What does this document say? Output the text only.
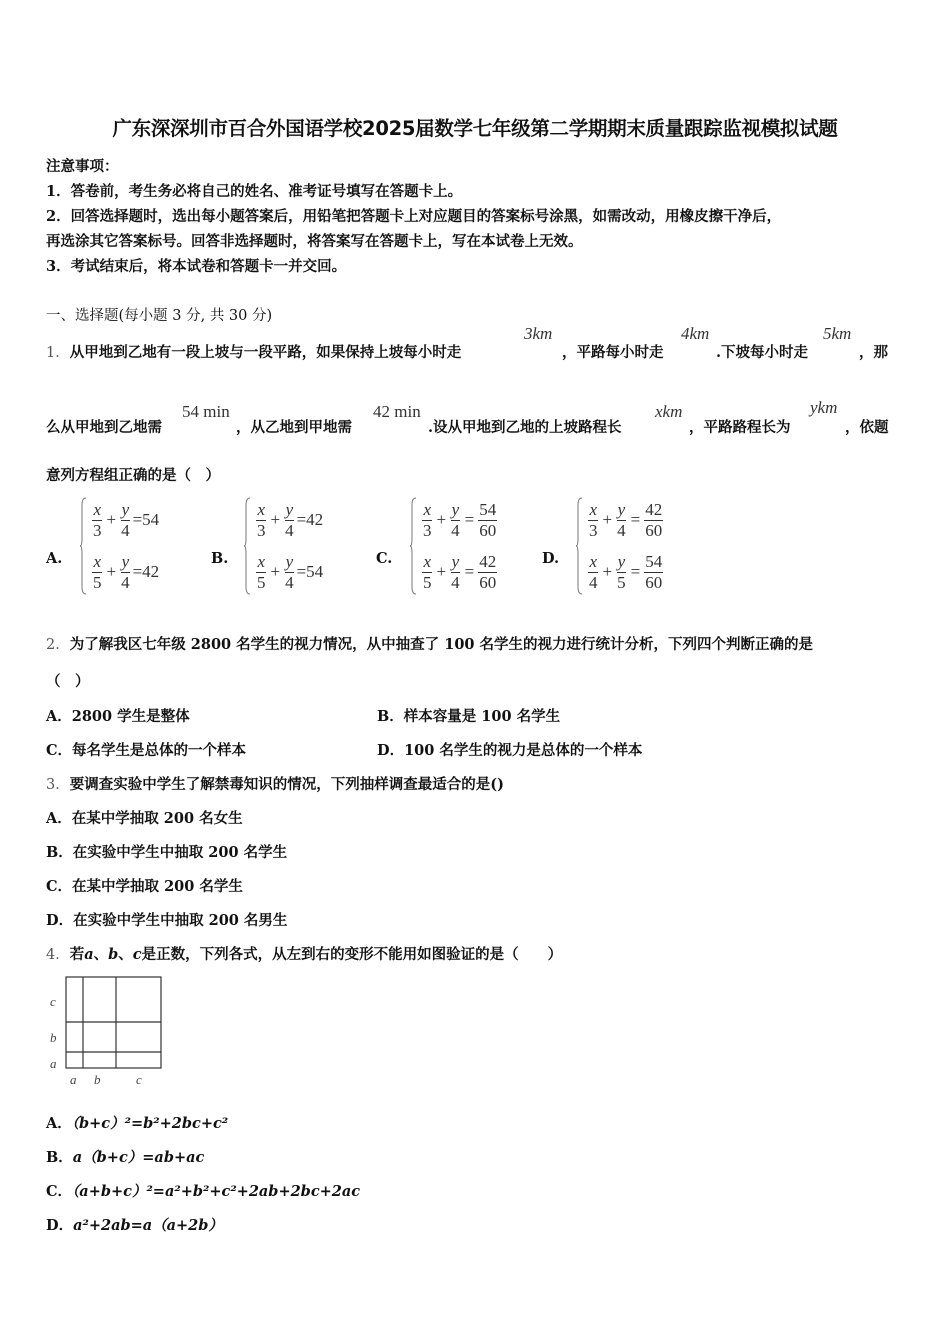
广东深深圳市百合外国语学校2025届数学七年级第二学期期末质量跟踪监视模拟试题
注意事项：
1．答卷前，考生务必将自己的姓名、准考证号填写在答题卡上。
2．回答选择题时，选出每小题答案后，用铅笔把答题卡上对应题目的答案标号涂黑，如需改动，用橡皮擦干净后，
再选涂其它答案标号。回答非选择题时，将答案写在答题卡上，写在本试卷上无效。
3．考试结束后，将本试卷和答题卡一并交回。
一、选择题(每小题 3 分, 共 30 分)
1．从甲地到乙地有一段上坡与一段平路，如果保持上坡每小时走
3km
，平路每小时走
4km
.下坡每小时走
5km
，那
么从甲地到乙地需
54 min
，从乙地到甲地需
42 min
.设从甲地到乙地的上坡路程长
xkm
，平路路程长为
ykm
，依题
意列方程组正确的是（　）
A.
$\frac{x}{3} + \frac{y}{4} =54$
$\frac{x}{5} + \frac{y}{4} =42$
B.
$\frac{x}{3} + \frac{y}{4} =42$
$\frac{x}{5} + \frac{y}{4} =54$
C.
$\frac{x}{3} + \frac{y}{4} = \frac{54}{60}$
$\frac{x}{5} + \frac{y}{4} = \frac{42}{60}$	D.
$\frac{x}{3} + \frac{y}{4} = \frac{42}{60}$
$\frac{x}{4} + \frac{y}{5} = \frac{54}{60}$
2．为了解我区七年级 2800 名学生的视力情况，从中抽查了 100 名学生的视力进行统计分析，下列四个判断正确的是
（　）
A．2800 学生是整体	B．样本容量是 100 名学生
C．每名学生是总体的一个样本	D．100 名学生的视力是总体的一个样本
3．要调查实验中学生了解禁毒知识的情况，下列抽样调查最适合的是()
A．在某中学抽取 200 名女生
B．在实验中学生中抽取 200 名学生
C．在某中学抽取 200 名学生
D．在实验中学生中抽取 200 名男生
4．若a、b、c是正数，下列各式，从左到右的变形不能用如图验证的是（　　）
c
b
a
a b	c
A．（b+c）²=b²+2bc+c²
B．a（b+c）=ab+ac
C．（a+b+c）²=a²+b²+c²+2ab+2bc+2ac
D．a²+2ab=a（a+2b）
